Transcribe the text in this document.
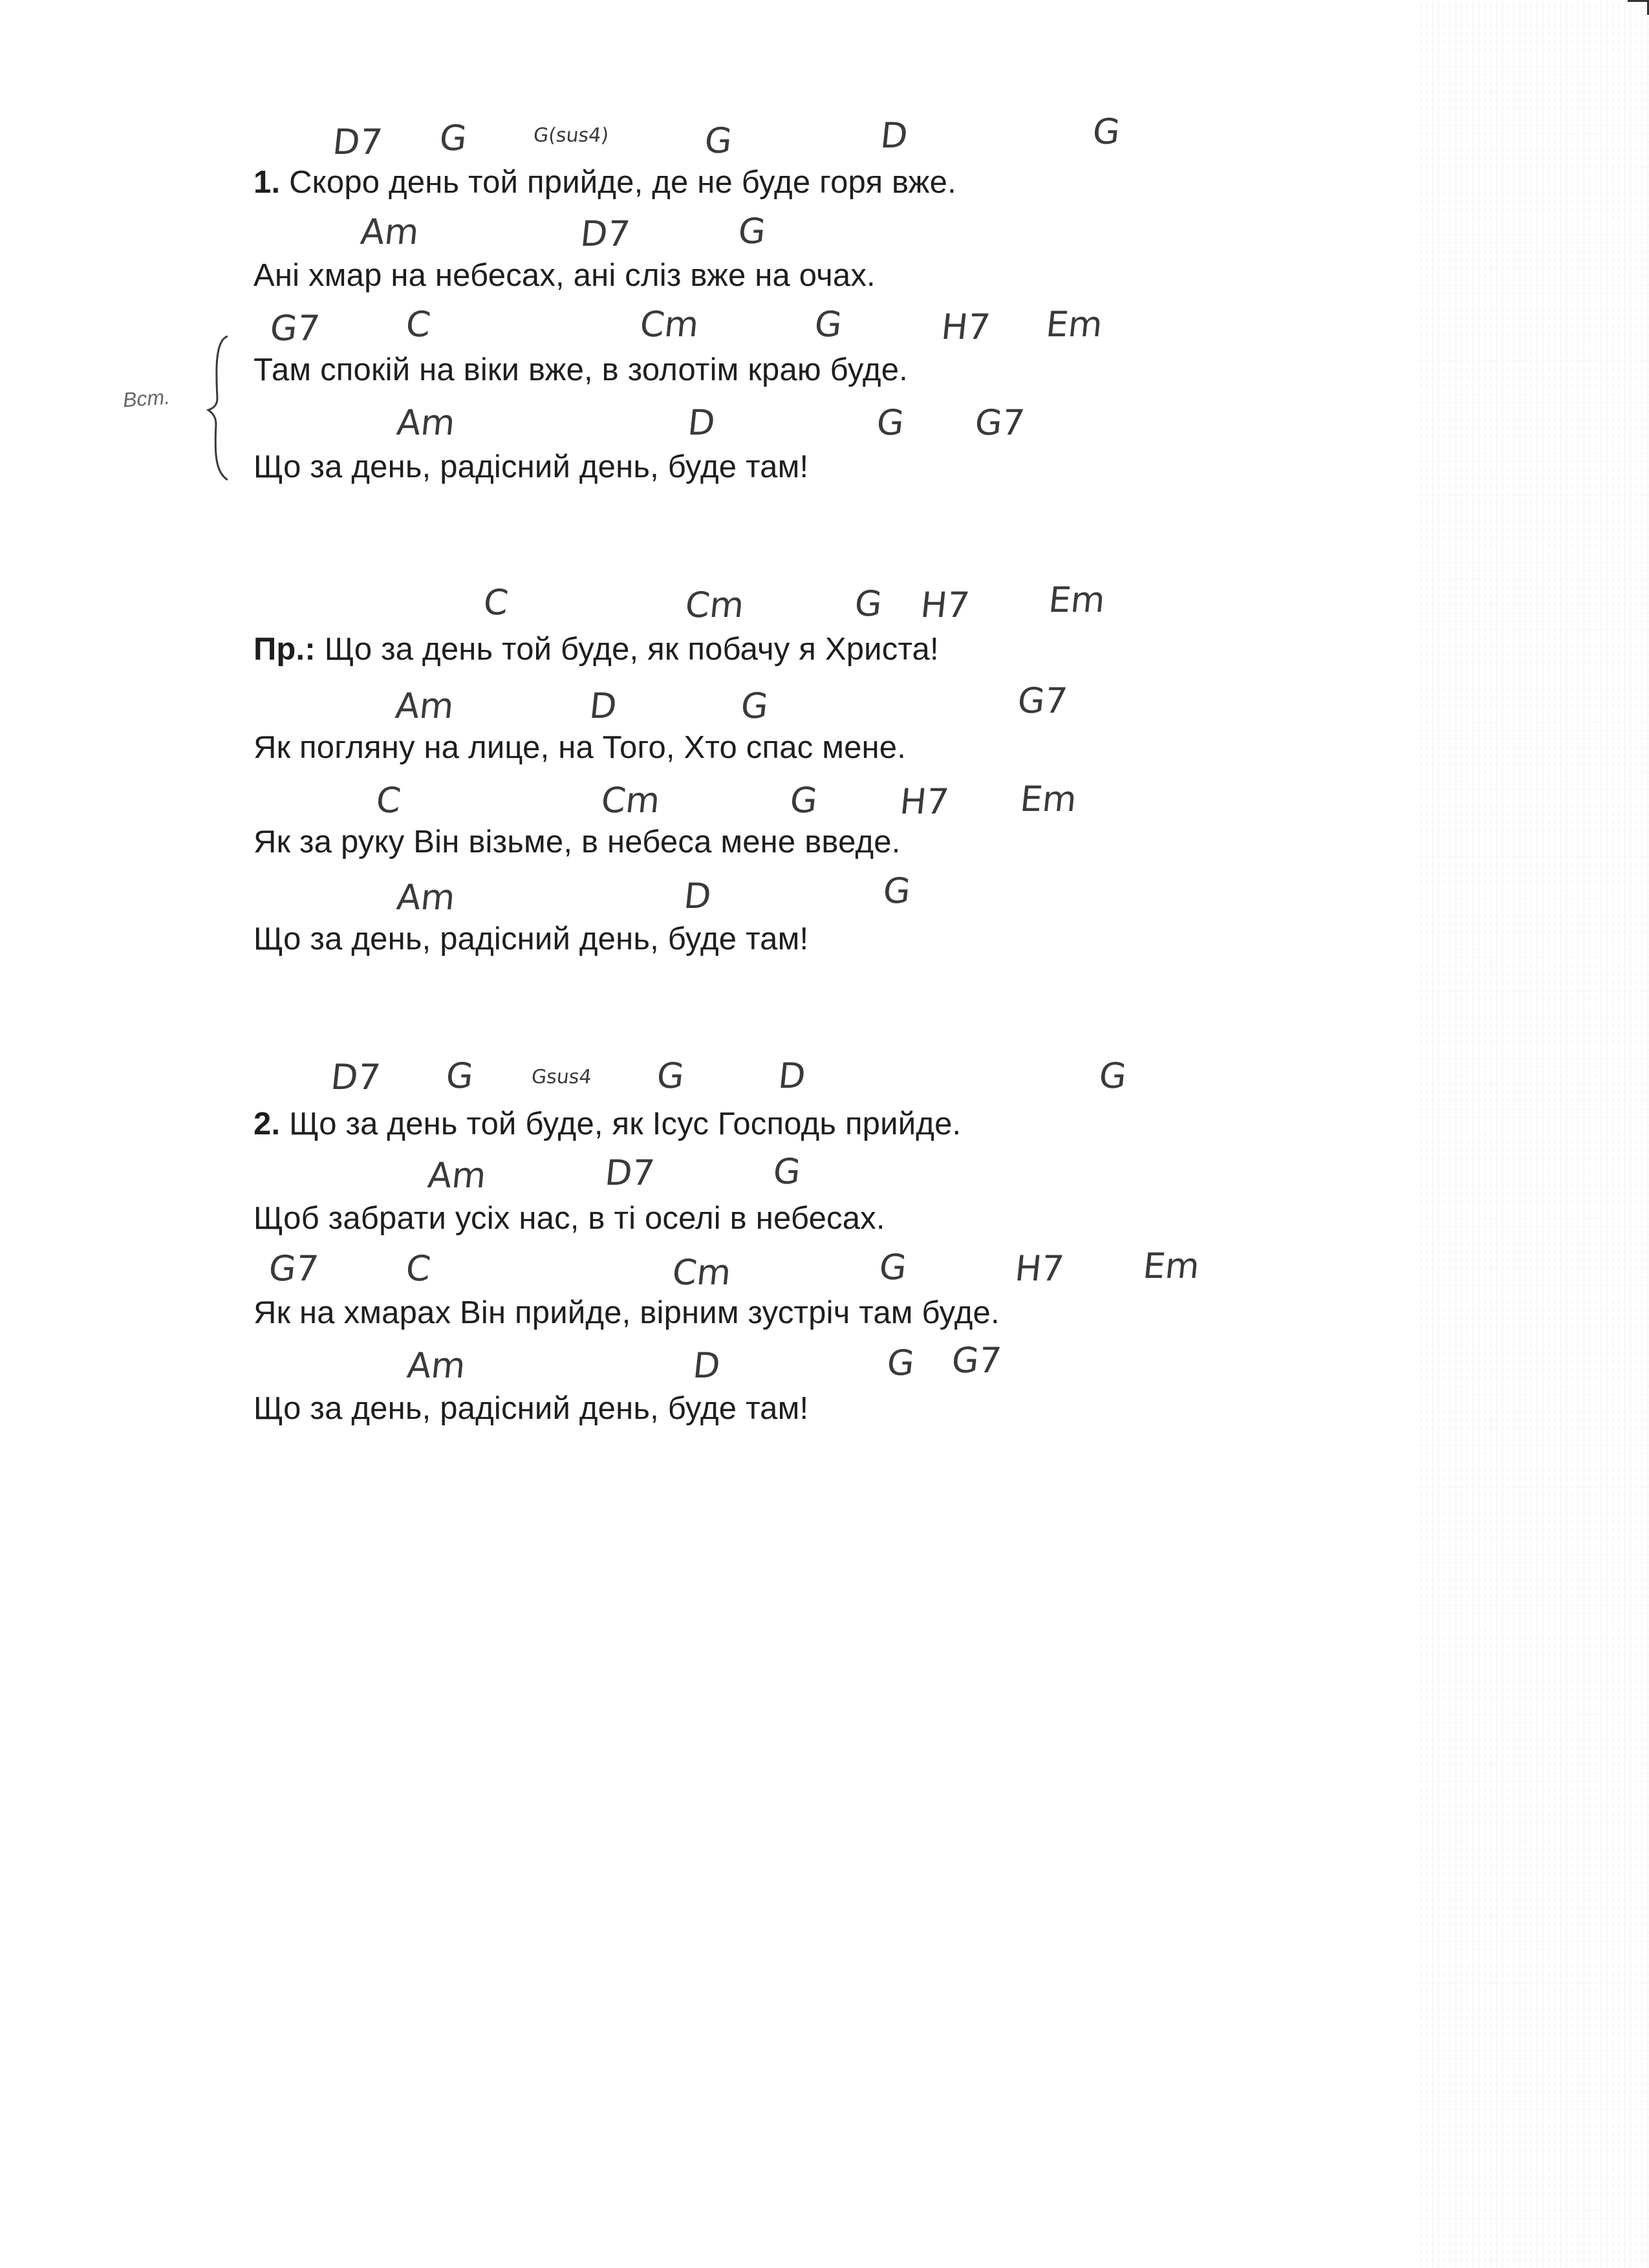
D7 G	G(sus4)	G	D	G
1. Скоро день той прийде, де не буде горя вже.
Am	D7	G
Ані хмар на небесах, ані сліз вже на очах.
G7 C	Cm	G	H7 Em
Там спокій на віки вже, в золотім краю буде.
Am	D	G G7
Що за день, радісний день, буде там!
Всm.
C	Cm	G H7 Em
Пр.: Що за день той буде, як побачу я Христа!
Am	D	G	G7
Як погляну на лице, на Того, Хто спас мене.
C	Cm	G H7 Em
Як за руку Він візьме, в небеса мене введе.
Am	D	G
Що за день, радісний день, буде там!
D7 G	Gsus4 G	D	G
2. Що за день той буде, як Ісус Господь прийде.
Am	D7	G
Щоб забрати усіх нас, в ті оселі в небесах.
G7 C	Cm	G	H7 Em
Як на хмарах Він прийде, вірним зустріч там буде.
Am	D	G G7
Що за день, радісний день, буде там!
